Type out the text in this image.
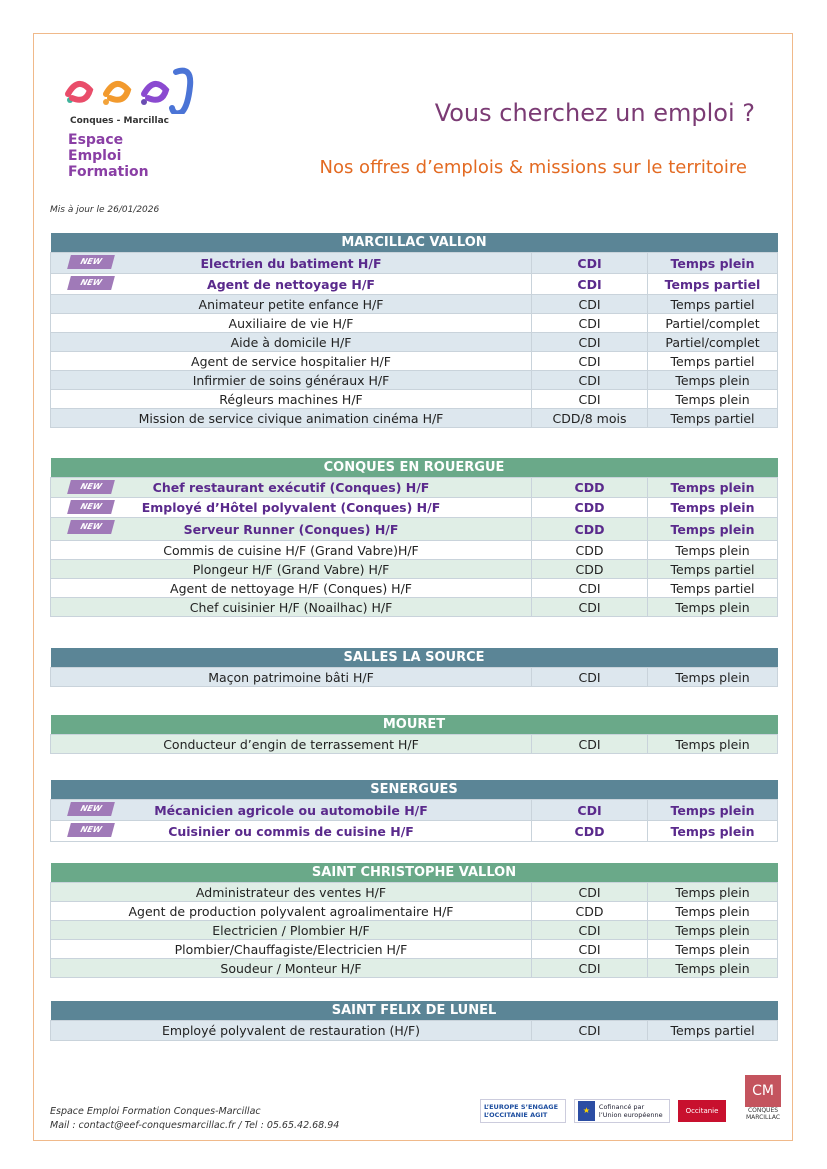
Conques - Marcillac
Espace
Emploi
Formation
Vous cherchez un emploi ?
Nos offres d’emplois & missions sur le territoire
Mis à jour le 26/01/2026
MARCILLAC VALLON		

NEW Electrien du batiment H/F	CDI	Temps plein

NEW Agent de nettoyage H/F	CDI	Temps partiel
Animateur petite enfance H/F	CDI	Temps partiel
Auxiliaire de vie H/F	CDI	Partiel/complet
Aide à domicile H/F	CDI	Partiel/complet
Agent de service hospitalier H/F	CDI	Temps partiel
Infirmier de soins généraux H/F	CDI	Temps plein
Régleurs machines H/F	CDI	Temps plein
Mission de service civique animation cinéma H/F	CDD/8 mois	Temps partiel
CONQUES EN ROUERGUE		

NEW Chef restaurant exécutif (Conques) H/F	CDD	Temps plein

NEW Employé d’Hôtel polyvalent (Conques) H/F	CDD	Temps plein

NEW Serveur Runner (Conques) H/F	CDD	Temps plein
Commis de cuisine H/F (Grand Vabre)H/F	CDD	Temps plein
Plongeur H/F (Grand Vabre) H/F	CDD	Temps partiel
Agent de nettoyage H/F (Conques) H/F	CDI	Temps partiel
Chef cuisinier H/F (Noailhac) H/F	CDI	Temps plein
SALLES LA SOURCE
Maçon patrimoine bâti H/F	CDI	Temps plein
MOURET
Conducteur d’engin de terrassement H/F	CDI	Temps plein
SENERGUES		

NEW Mécanicien agricole ou automobile H/F	CDI	Temps plein

NEW Cuisinier ou commis de cuisine H/F	CDD	Temps plein
SAINT CHRISTOPHE VALLON		
Administrateur des ventes H/F	CDI	Temps plein
Agent de production polyvalent agroalimentaire H/F	CDD	Temps plein
Electricien / Plombier H/F	CDI	Temps plein
Plombier/Chauffagiste/Electricien H/F	CDI	Temps plein
Soudeur / Monteur H/F	CDI	Temps plein
SAINT FELIX DE LUNEL
Employé polyvalent de restauration (H/F)	CDI	Temps partiel
Espace Emploi Formation Conques-Marcillac
Mail : contact@eef-conquesmarcillac.fr / Tel : 05.65.42.68.94
L’EUROPE S’ENGAGE L’OCCITANIE AGIT	★	Cofinancé par l’Union européenne	Occitanie
CM
CONQUES MARCILLAC
